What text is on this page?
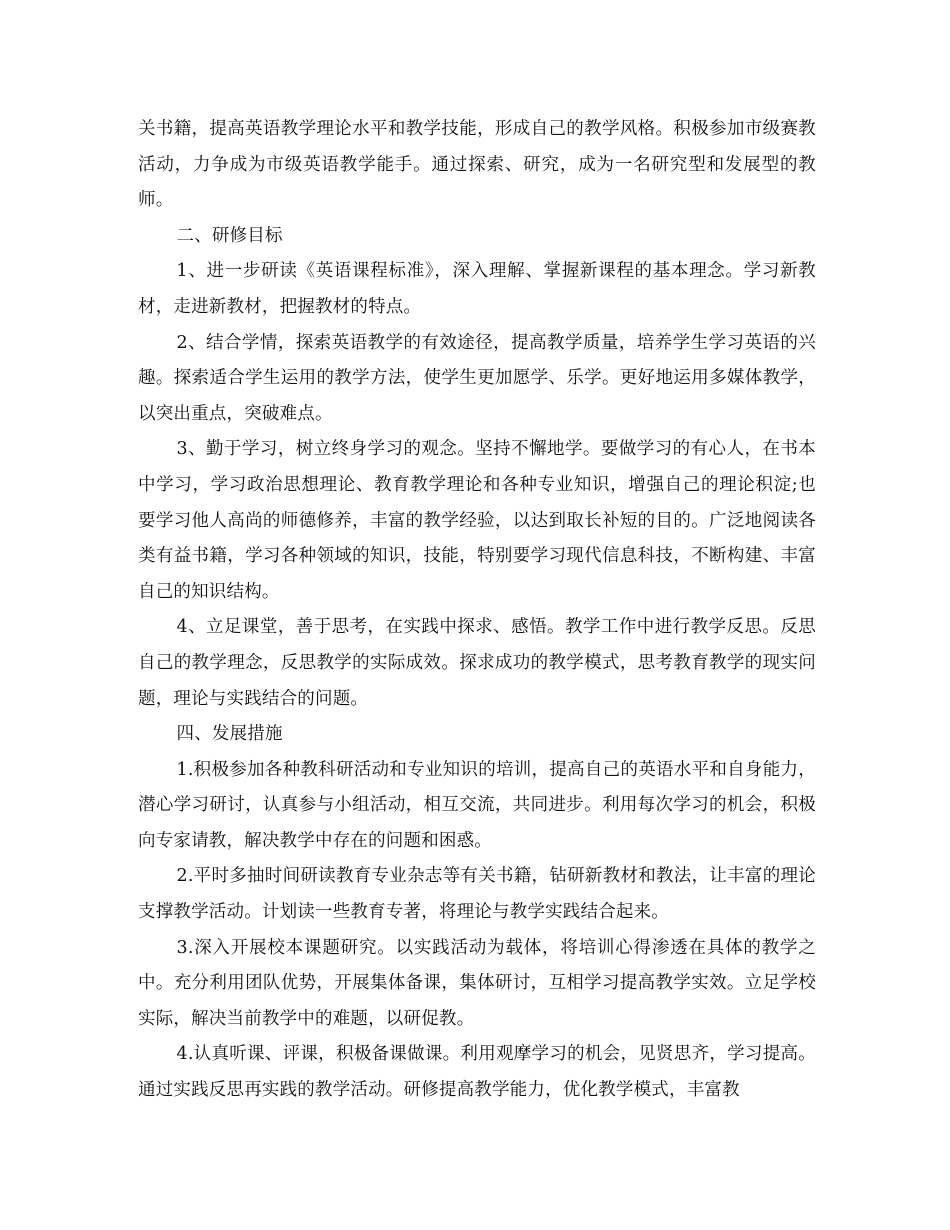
关书籍，提高英语教学理论水平和教学技能，形成自己的教学风格。积极参加市级赛教活动，力争成为市级英语教学能手。通过探索、研究，成为一名研究型和发展型的教师。

二、研修目标

1、进一步研读《英语课程标准》，深入理解、掌握新课程的基本理念。学习新教材，走进新教材，把握教材的特点。

2、结合学情，探索英语教学的有效途径，提高教学质量，培养学生学习英语的兴趣。探索适合学生运用的教学方法，使学生更加愿学、乐学。更好地运用多媒体教学，以突出重点，突破难点。

3、勤于学习，树立终身学习的观念。坚持不懈地学。要做学习的有心人，在书本中学习，学习政治思想理论、教育教学理论和各种专业知识，增强自己的理论积淀;也要学习他人高尚的师德修养，丰富的教学经验，以达到取长补短的目的。广泛地阅读各类有益书籍，学习各种领域的知识，技能，特别要学习现代信息科技，不断构建、丰富自己的知识结构。

4、立足课堂，善于思考，在实践中探求、感悟。教学工作中进行教学反思。反思自己的教学理念，反思教学的实际成效。探求成功的教学模式，思考教育教学的现实问题，理论与实践结合的问题。

四、发展措施

1.积极参加各种教科研活动和专业知识的培训，提高自己的英语水平和自身能力，潜心学习研讨，认真参与小组活动，相互交流，共同进步。利用每次学习的机会，积极向专家请教，解决教学中存在的问题和困惑。

2.平时多抽时间研读教育专业杂志等有关书籍，钻研新教材和教法，让丰富的理论支撑教学活动。计划读一些教育专著，将理论与教学实践结合起来。

3.深入开展校本课题研究。以实践活动为载体，将培训心得渗透在具体的教学之中。充分利用团队优势，开展集体备课，集体研讨，互相学习提高教学实效。立足学校实际，解决当前教学中的难题，以研促教。

4.认真听课、评课，积极备课做课。利用观摩学习的机会，见贤思齐，学习提高。通过实践反思再实践的教学活动。研修提高教学能力，优化教学模式，丰富教
